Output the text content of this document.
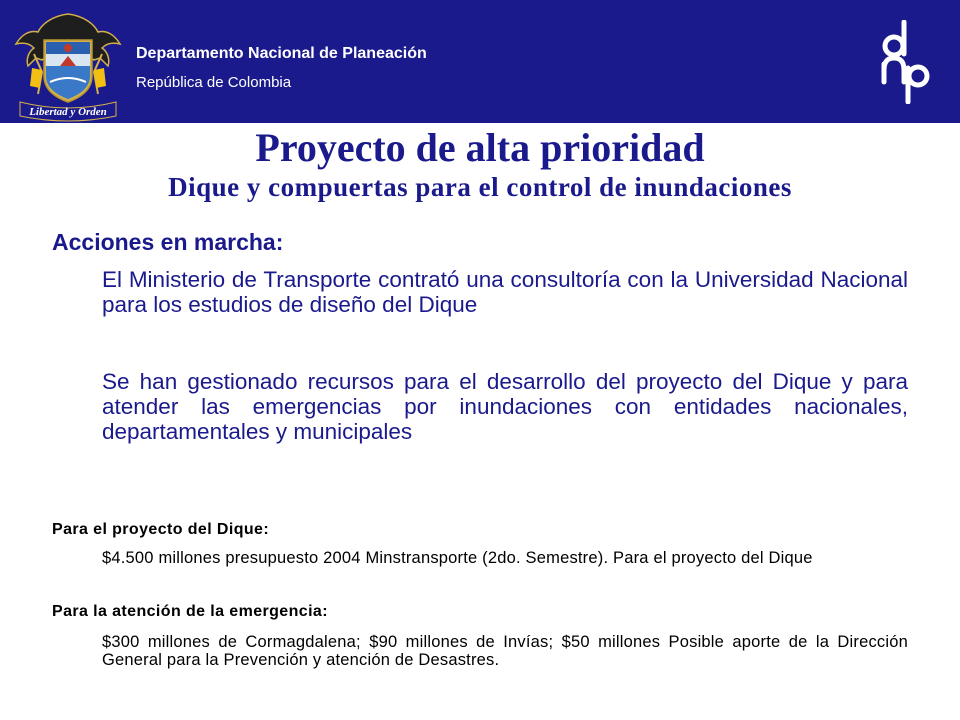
Libertad y Orden
Departamento Nacional de Planeación
República de Colombia
Proyecto de alta prioridad
Dique y compuertas para el control de inundaciones
Acciones en marcha:

El Ministerio de Transporte contrató una consultoría con la Universidad Nacional para los estudios de diseño del Dique

Se han gestionado recursos para el desarrollo del proyecto del Dique y para atender las emergencias por inundaciones con entidades nacionales, departamentales y municipales

Para el proyecto del Dique:

$4.500 millones presupuesto 2004 Minstransporte (2do. Semestre). Para el proyecto del Dique

Para la atención de la emergencia:

$300 millones de Cormagdalena; $90 millones de Invías; $50 millones Posible aporte de la Dirección General para la Prevención y atención de Desastres.
